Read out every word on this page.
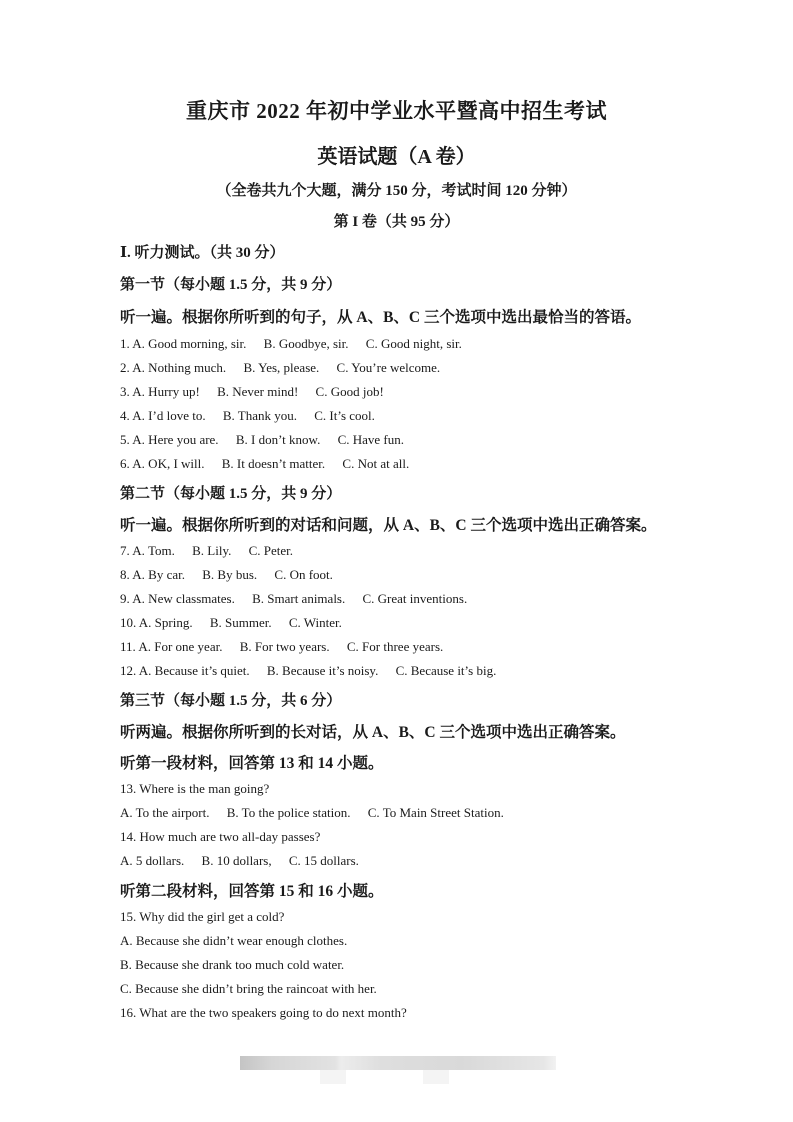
重庆市 2022 年初中学业水平暨高中招生考试
英语试题（A 卷）
（全卷共九个大题，满分 150 分，考试时间 120 分钟）
第 I 卷（共 95 分）
Ⅰ. 听力测试。（共 30 分）
第一节（每小题 1.5 分，共 9 分）
听一遍。根据你所听到的句子，从 A、B、C 三个选项中选出最恰当的答语。
1. A. Good morning, sir. B. Goodbye, sir. C. Good night, sir.
2. A. Nothing much. B. Yes, please. C. You’re welcome.
3. A. Hurry up! B. Never mind! C. Good job!
4. A. I’d love to. B. Thank you. C. It’s cool.
5. A. Here you are. B. I don’t know. C. Have fun.
6. A. OK, I will. B. It doesn’t matter. C. Not at all.
第二节（每小题 1.5 分，共 9 分）
听一遍。根据你所听到的对话和问题，从 A、B、C 三个选项中选出正确答案。
7. A. Tom. B. Lily. C. Peter.
8. A. By car. B. By bus. C. On foot.
9. A. New classmates. B. Smart animals. C. Great inventions.
10. A. Spring. B. Summer. C. Winter.
11. A. For one year. B. For two years. C. For three years.
12. A. Because it’s quiet. B. Because it’s noisy. C. Because it’s big.
第三节（每小题 1.5 分，共 6 分）
听两遍。根据你所听到的长对话，从 A、B、C 三个选项中选出正确答案。
听第一段材料，回答第 13 和 14 小题。
13. Where is the man going?
A. To the airport. B. To the police station. C. To Main Street Station.
14. How much are two all-day passes?
A. 5 dollars. B. 10 dollars, C. 15 dollars.
听第二段材料，回答第 15 和 16 小题。
15. Why did the girl get a cold?
A. Because she didn’t wear enough clothes.
B. Because she drank too much cold water.
C. Because she didn’t bring the raincoat with her.
16. What are the two speakers going to do next month?
